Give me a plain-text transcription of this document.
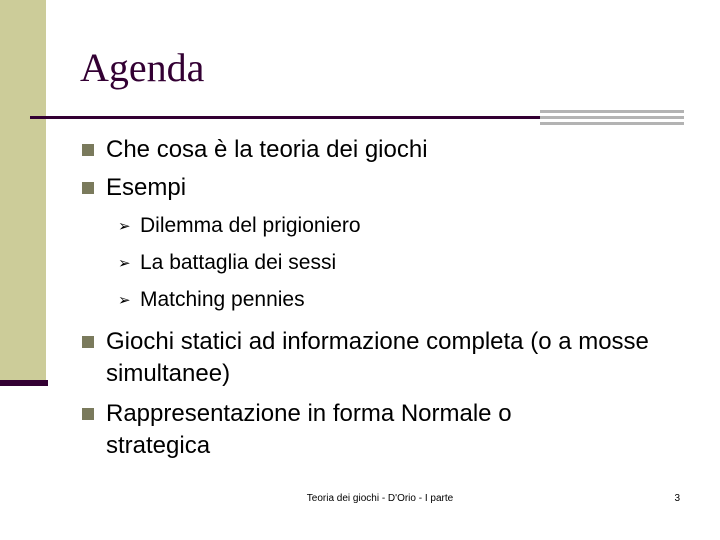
Agenda
Che cosa è la teoria dei giochi
Esempi
➢ Dilemma del prigioniero
➢ La battaglia dei sessi
➢ Matching pennies
Giochi statici ad informazione completa (o a mosse simultanee)
Rappresentazione in forma Normale o strategica
Teoria dei giochi - D'Orio - I parte	3
